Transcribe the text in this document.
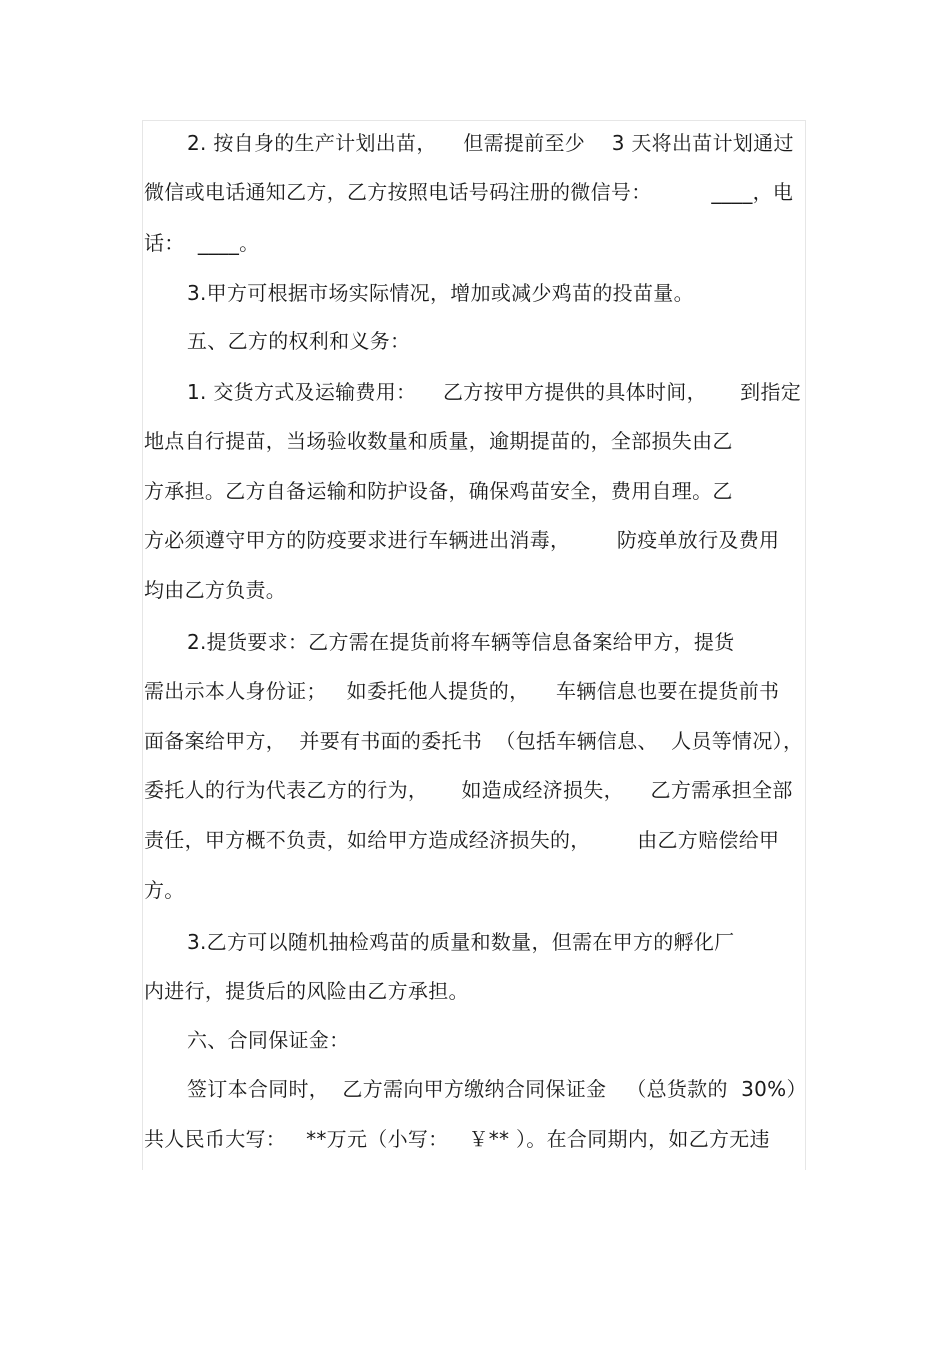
2. 按自身的生产计划出苗，    但需提前至少    3 天将出苗计划通过
微信或电话通知乙方，乙方按照电话号码注册的微信号：         ____，电
话：  ____。
3.甲方可根据市场实际情况，增加或减少鸡苗的投苗量。
五、乙方的权利和义务：
1. 交货方式及运输费用：    乙方按甲方提供的具体时间，     到指定
地点自行提苗，当场验收数量和质量，逾期提苗的，全部损失由乙
方承担。乙方自备运输和防护设备，确保鸡苗安全，费用自理。乙
方必须遵守甲方的防疫要求进行车辆进出消毒，       防疫单放行及费用
均由乙方负责。
2.提货要求：乙方需在提货前将车辆等信息备案给甲方，提货
需出示本人身份证；   如委托他人提货的，    车辆信息也要在提货前书
面备案给甲方，  并要有书面的委托书  （包括车辆信息、  人员等情况），
委托人的行为代表乙方的行为，     如造成经济损失，    乙方需承担全部
责任，甲方概不负责，如给甲方造成经济损失的，       由乙方赔偿给甲
方。
3.乙方可以随机抽检鸡苗的质量和数量，但需在甲方的孵化厂
内进行，提货后的风险由乙方承担。
六、合同保证金：
签订本合同时，  乙方需向甲方缴纳合同保证金   （总货款的  30%）
共人民币大写：   **万元（小写：   ￥** ）。在合同期内，如乙方无违
